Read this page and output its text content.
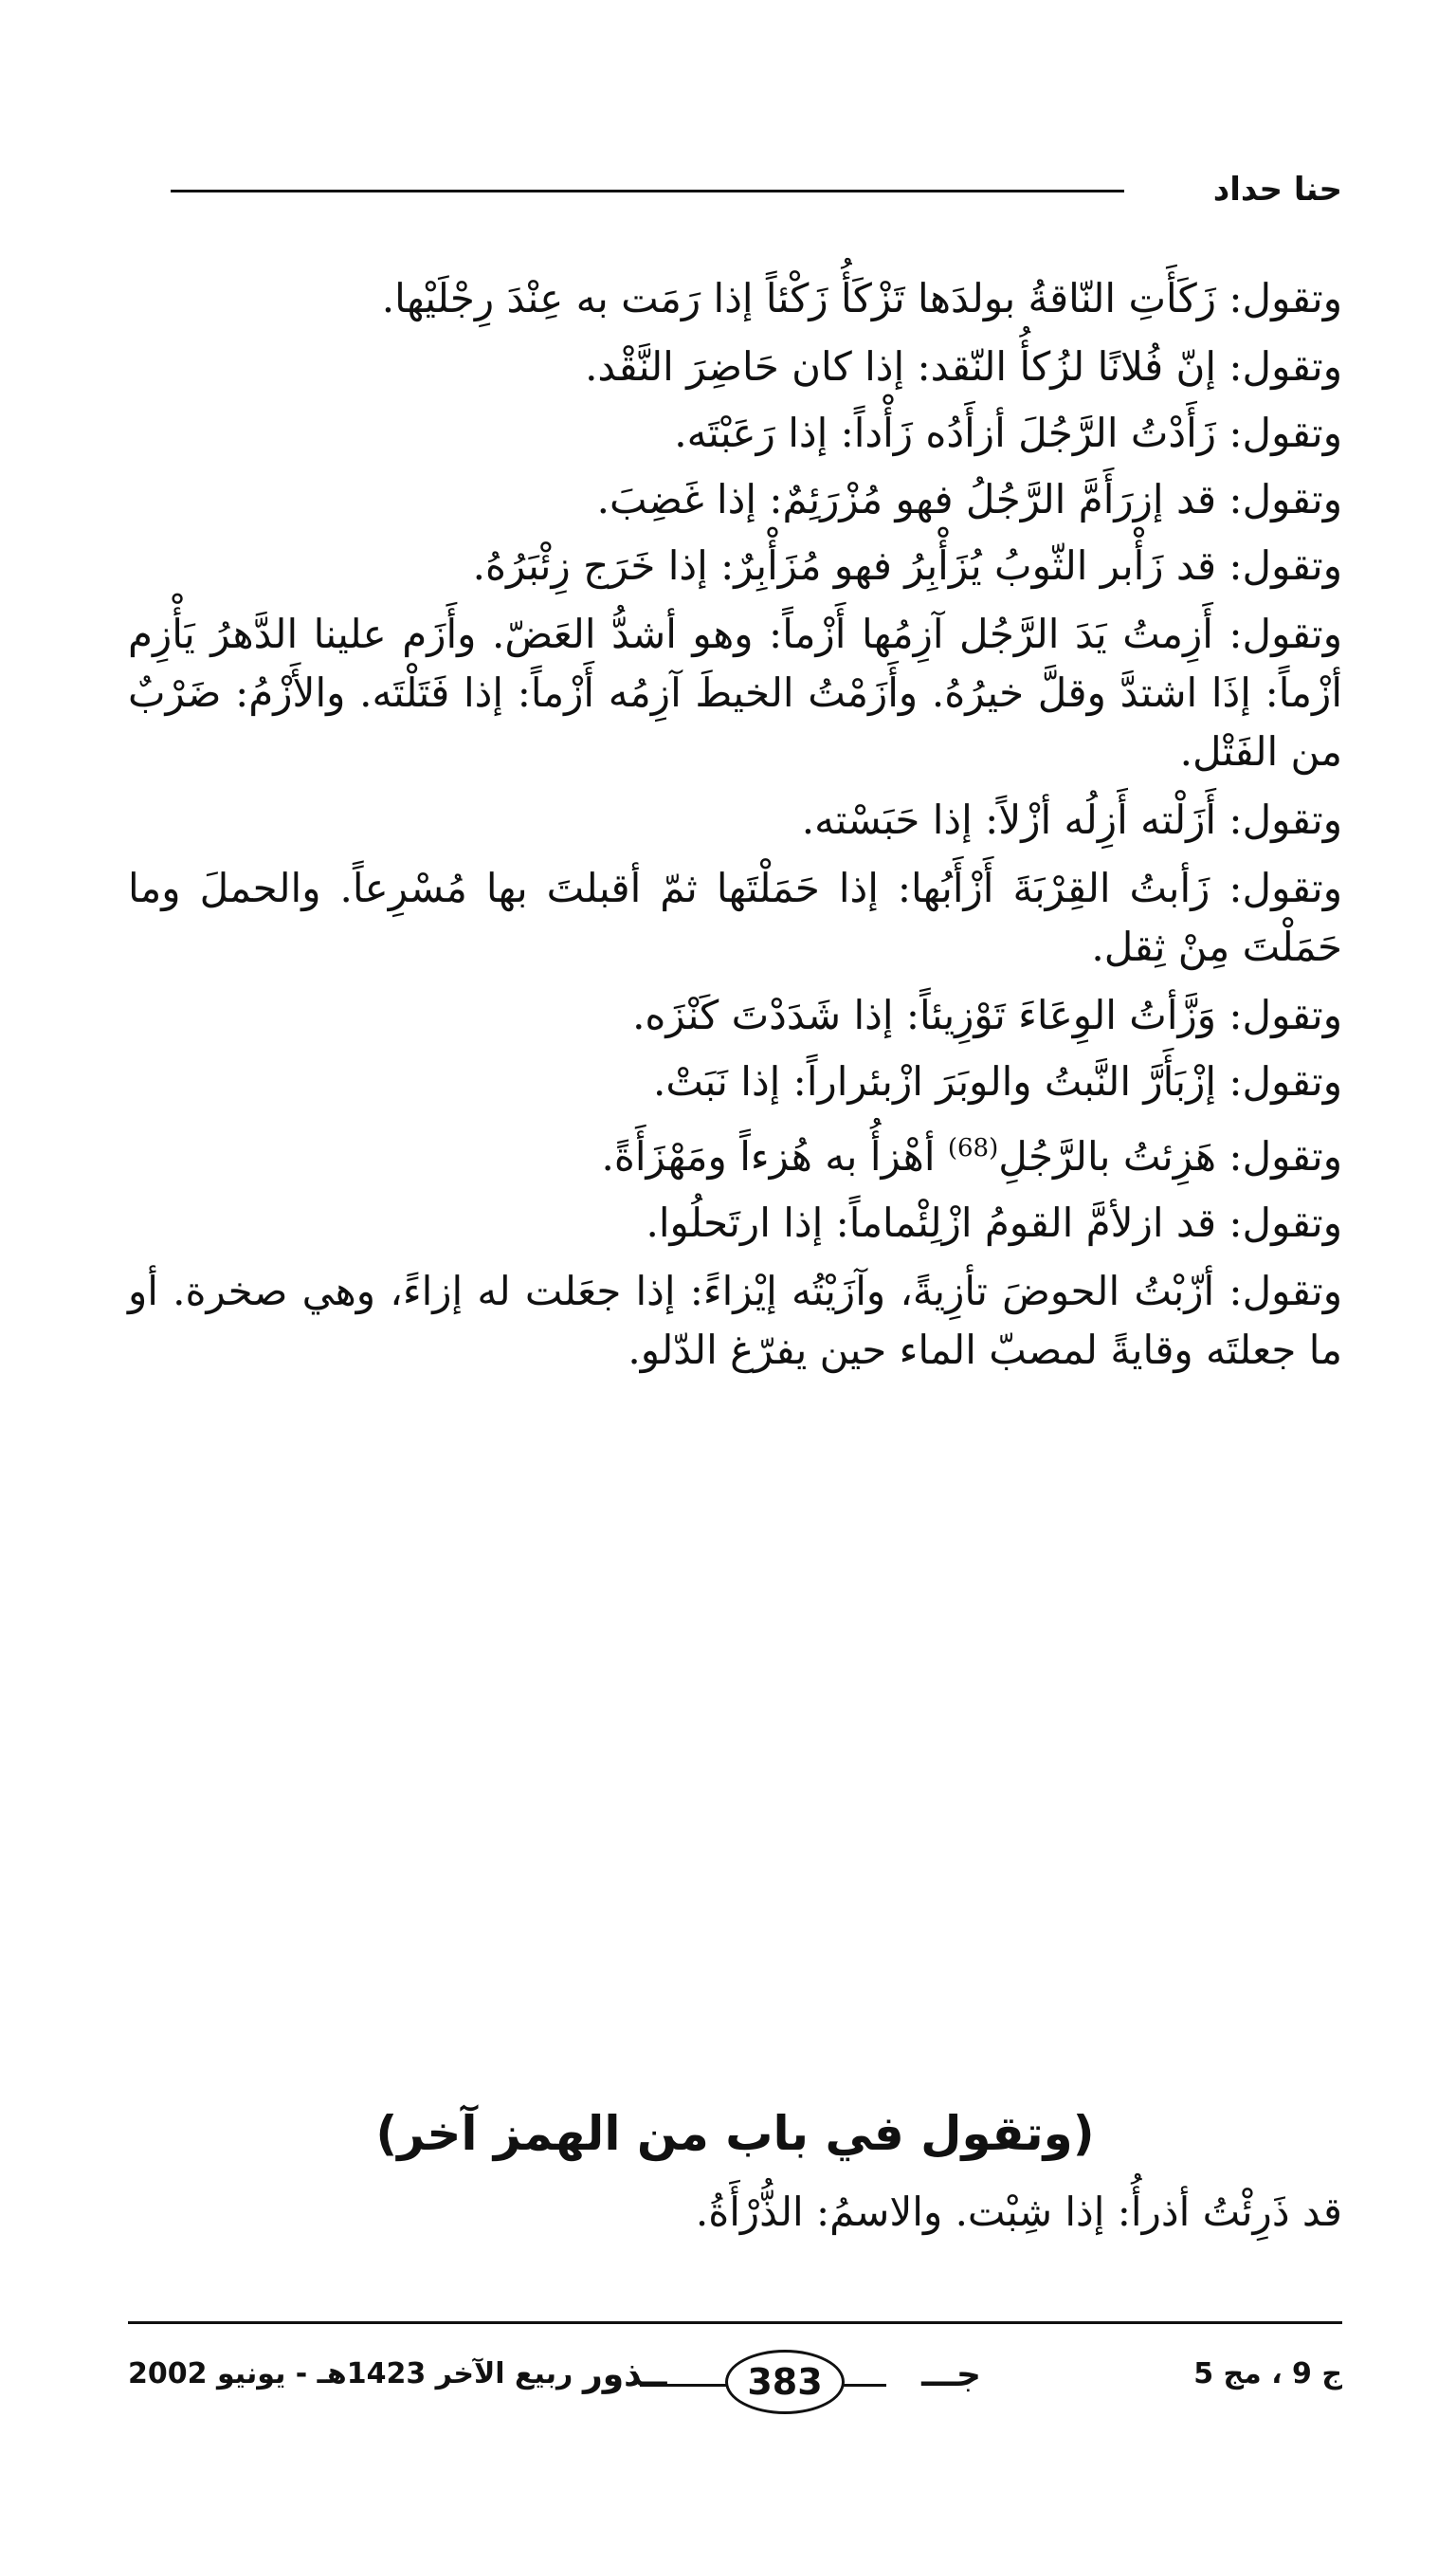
حنا حداد

وتقول: زَكَأَتِ النّاقةُ بولدَها تَزْكَأُ زَكْئاً إذا رَمَت به عِنْدَ رِجْلَيْها.

وتقول: إنّ فُلانًا لزُكأُ النّقد: إذا كان حَاضِرَ النَّقْد.

وتقول: زَأَدْتُ الرَّجُلَ أزأَدُه زَأْداً: إذا رَعَبْتَه.

وتقول: قد إزرَأَمَّ الرَّجُلُ فهو مُزْرَئِمٌ: إذا غَضِبَ.

وتقول: قد زَأْبر الثّوبُ يُزَأْبِرُ فهو مُزَأْبِرٌ: إذا خَرَج زِئْبَرُهُ.

وتقول: أَزِمتُ يَدَ الرَّجُل آزِمُها أَزْماً: وهو أشدُّ العَضّ. وأَزَم علينا الدَّهرُ يَأْزِم أزْماً: إذَا اشتدَّ وقلَّ خيرُهُ. وأَزَمْتُ الخيطَ آزِمُه أَزْماً: إذا فَتَلْتَه. والأَزْمُ: ضَرْبٌ من الفَتْل.

وتقول: أَزَلْته أَزِلُه أزْلاً: إذا حَبَسْته.

وتقول: زَأبتُ القِرْبَةَ أَزْأَبُها: إذا حَمَلْتَها ثمّ أقبلتَ بها مُسْرِعاً. والحملَ وما حَمَلْتَ مِنْ ثِقل.

وتقول: وَزَّأتُ الوِعَاءَ تَوْزِيئاً: إذا شَدَدْتَ كَنْزَه.

وتقول: إزْبَأَرَّ النَّبتُ والوبَرَ ازْبئراراً: إذا نَبَتْ.

وتقول: هَزِئتُ بالرَّجُلِ$^{(68)}$ أهْزأُ به هُزءاً ومَهْزَأَةً.

وتقول: قد ازلأمَّ القومُ ازْلِئْماماً: إذا ارتَحلُوا.

وتقول: أزّبْتُ الحوضَ تأزِيةً، وآزَيْتُه إيْزاءً: إذا جعَلت له إزاءً، وهي صخرة. أو ما جعلتَه وقايةً لمصبّ الماء حين يفرّغ الدّلو.

(وتقول في باب من الهمز آخر)
قد ذَرِئْتُ أذرأُ: إذا شِبْت. والاسمُ: الذُّرْأَةُ.
ج 9 ، مج 5
جـــ
383
ــذور
ربيع الآخر 1423هـ - يونيو 2002
